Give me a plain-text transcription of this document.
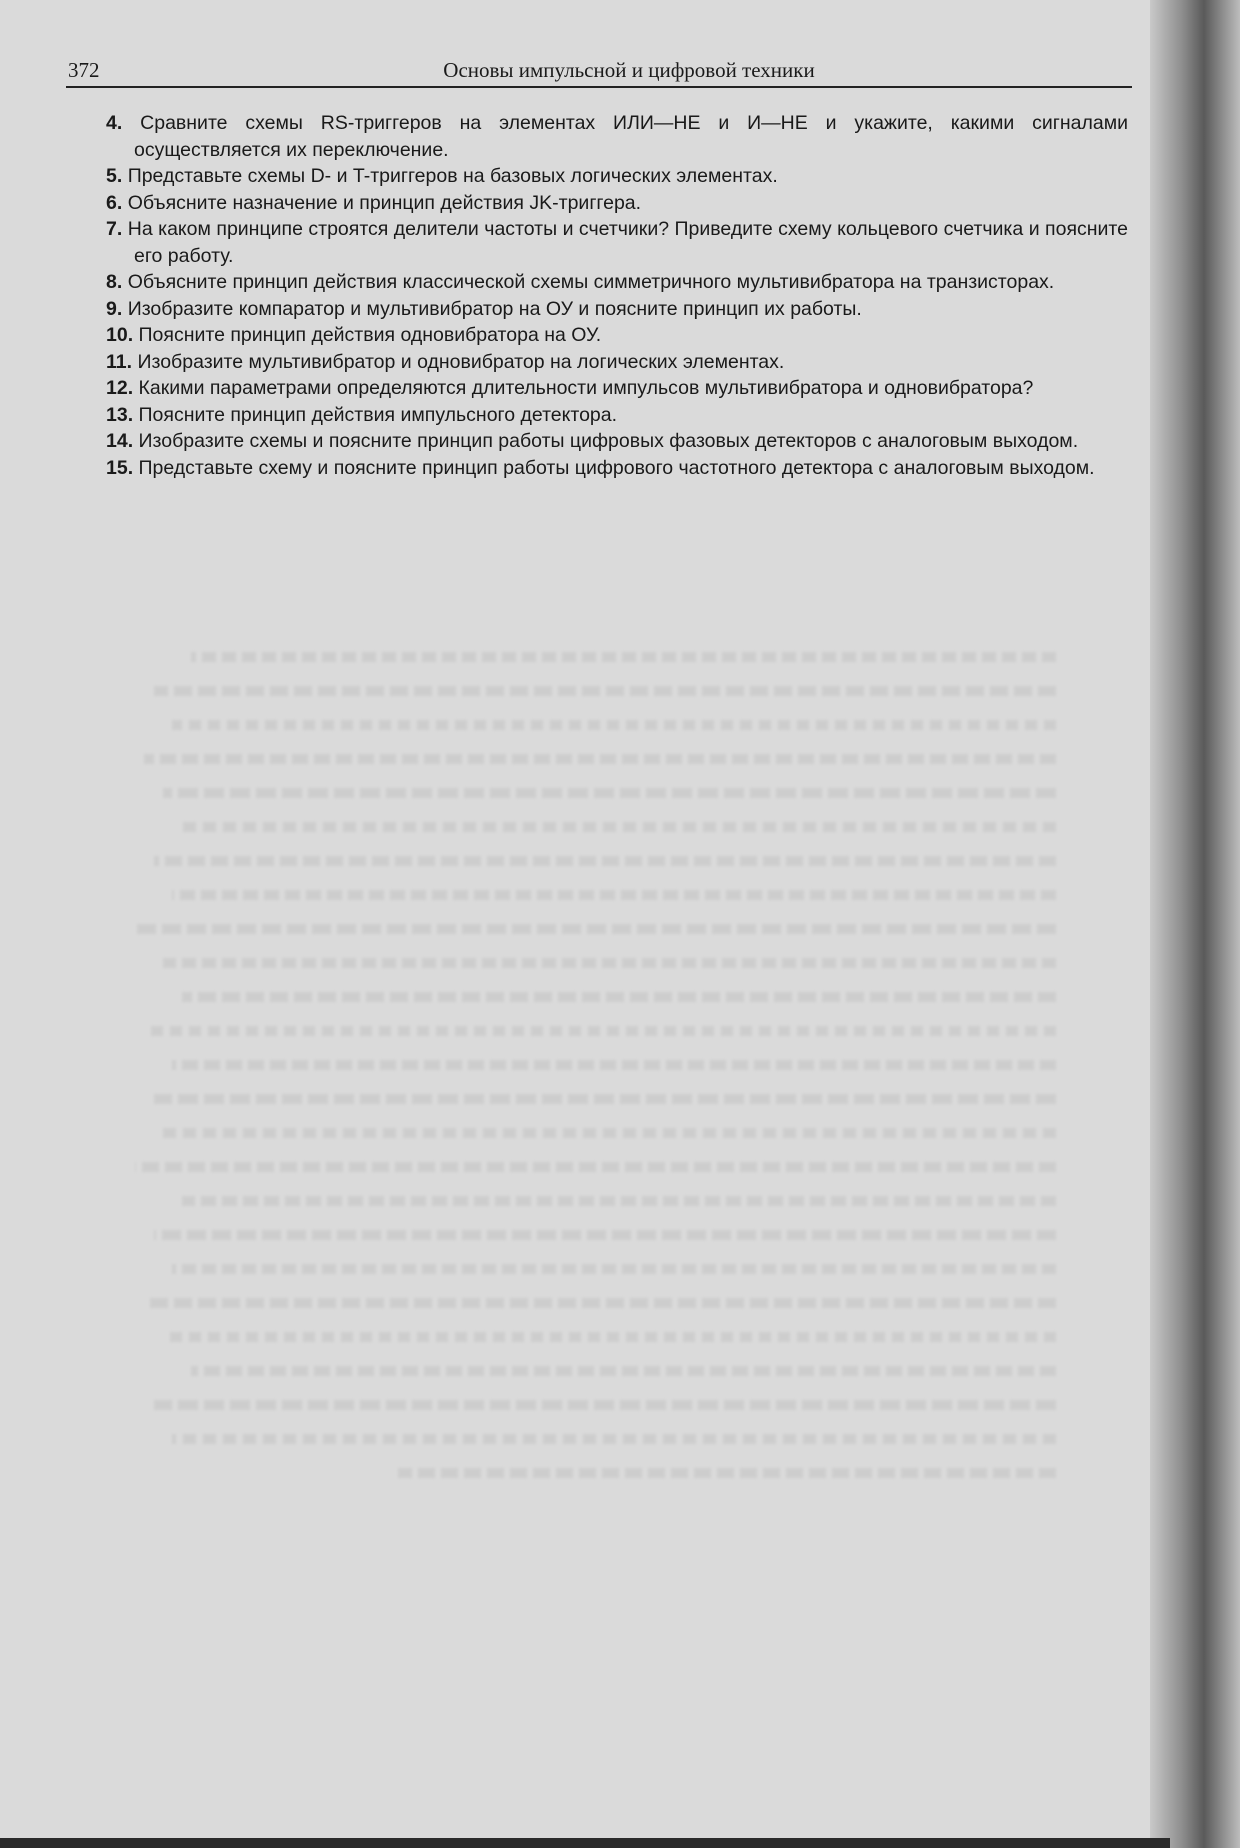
372	Основы импульсной и цифровой техники
4. Сравните схемы RS-триггеров на элементах ИЛИ—НЕ и И—НЕ и укажите, какими сигналами осуществляется их переключение.
5. Представьте схемы D- и T-триггеров на базовых логических элементах.
6. Объясните назначение и принцип действия JK-триггера.
7. На каком принципе строятся делители частоты и счетчики? Приведите схему кольцевого счетчика и поясните его работу.
8. Объясните принцип действия классической схемы симметричного мультивибратора на транзисторах.
9. Изобразите компаратор и мультивибратор на ОУ и поясните принцип их работы.
10. Поясните принцип действия одновибратора на ОУ.
11. Изобразите мультивибратор и одновибратор на логических элементах.
12. Какими параметрами определяются длительности импульсов мультивибратора и одновибратора?
13. Поясните принцип действия импульсного детектора.
14. Изобразите схемы и поясните принцип работы цифровых фазовых детекторов с аналоговым выходом.
15. Представьте схему и поясните принцип работы цифрового частотного детектора с аналоговым выходом.
